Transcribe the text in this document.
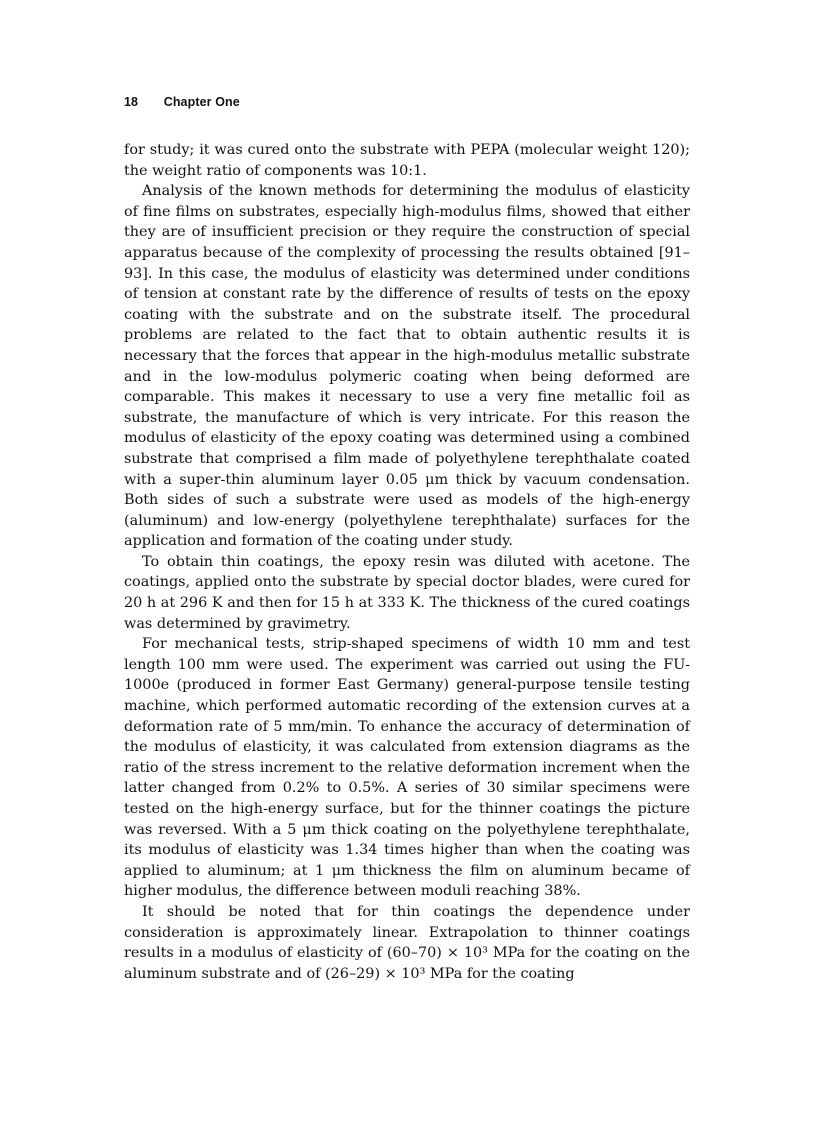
18 Chapter One

for study; it was cured onto the substrate with PEPA (molecular weight 120); the weight ratio of components was 10:1.

Analysis of the known methods for determining the modulus of elasticity of fine films on substrates, especially high-modulus films, showed that either they are of insufficient precision or they require the construction of special apparatus because of the complexity of processing the results obtained [91–93]. In this case, the modulus of elasticity was determined under conditions of tension at constant rate by the difference of results of tests on the epoxy coating with the substrate and on the substrate itself. The procedural problems are related to the fact that to obtain authentic results it is necessary that the forces that appear in the high-modulus metallic substrate and in the low-modulus polymeric coating when being deformed are comparable. This makes it necessary to use a very fine metallic foil as substrate, the manufacture of which is very intricate. For this reason the modulus of elasticity of the epoxy coating was determined using a combined substrate that comprised a film made of polyethylene terephthalate coated with a super-thin aluminum layer 0.05 μm thick by vacuum condensation. Both sides of such a substrate were used as models of the high-energy (aluminum) and low-energy (polyethylene terephthalate) surfaces for the application and formation of the coating under study.

To obtain thin coatings, the epoxy resin was diluted with acetone. The coatings, applied onto the substrate by special doctor blades, were cured for 20 h at 296 K and then for 15 h at 333 K. The thickness of the cured coatings was determined by gravimetry.

For mechanical tests, strip-shaped specimens of width 10 mm and test length 100 mm were used. The experiment was carried out using the FU-1000e (produced in former East Germany) general-purpose tensile testing machine, which performed automatic recording of the extension curves at a deformation rate of 5 mm/min. To enhance the accuracy of determination of the modulus of elasticity, it was calculated from extension diagrams as the ratio of the stress increment to the relative deformation increment when the latter changed from 0.2% to 0.5%. A series of 30 similar specimens were tested on the high-energy surface, but for the thinner coatings the picture was reversed. With a 5 μm thick coating on the polyethylene terephthalate, its modulus of elasticity was 1.34 times higher than when the coating was applied to aluminum; at 1 μm thickness the film on aluminum became of higher modulus, the difference between moduli reaching 38%.

It should be noted that for thin coatings the dependence under consideration is approximately linear. Extrapolation to thinner coatings results in a modulus of elasticity of (60–70) × 10³ MPa for the coating on the aluminum substrate and of (26–29) × 10³ MPa for the coating
